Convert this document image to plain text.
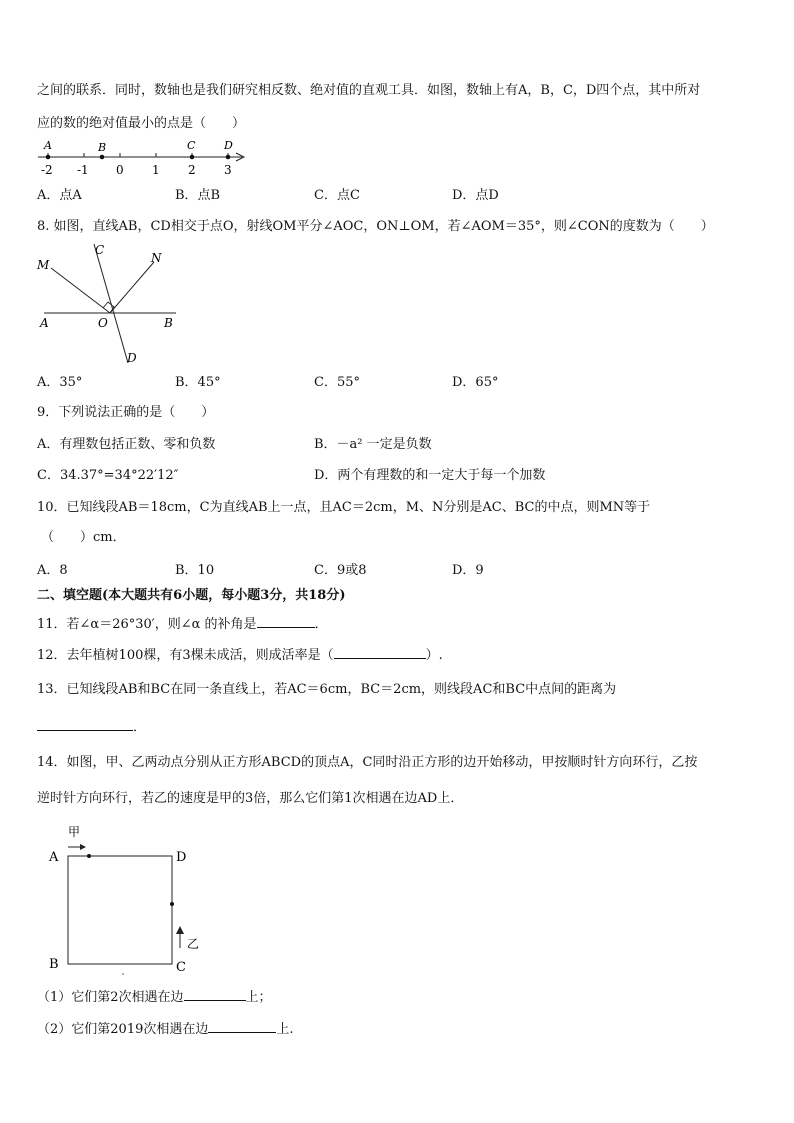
之间的联系．同时，数轴也是我们研究相反数、绝对值的直观工具．如图，数轴上有A，B，C，D四个点，其中所对
应的数的绝对值最小的点是（　　）
A	B	C	D
-2 -1 0 1 2 3
A．点A	B．点B	C．点C	D．点D
8. 如图，直线AB，CD相交于点O，射线OM平分∠AOC，ON⊥OM，若∠AOM＝35°，则∠CON的度数为（　　）
M
C
N
A	O	B
D
A．35°	B．45°	C．55°	D．65°
9．下列说法正确的是（　　）
A．有理数包括正数、零和负数	B．－a² 一定是负数
C．34.37°=34°22′12″	D．两个有理数的和一定大于每一个加数
10．已知线段AB＝18cm，C为直线AB上一点，且AC＝2cm，M、N分别是AC、BC的中点，则MN等于
（　　）cm．
A．8	B．10	C．9或8	D．9
二、填空题(本大题共有6小题，每小题3分，共18分)
11．若∠α＝26°30′，则∠α 的补角是	．
12．去年植树100棵，有3棵未成活，则成活率是（	）.
13．已知线段AB和BC在同一条直线上，若AC＝6cm，BC＝2cm，则线段AC和BC中点间的距离为
．
14．如图，甲、乙两动点分别从正方形ABCD的顶点A，C同时沿正方形的边开始移动，甲按顺时针方向环行，乙按
逆时针方向环行，若乙的速度是甲的3倍，那么它们第1次相遇在边AD上．
甲
乙
A	D
B	C
（1）它们第2次相遇在边	上；
（2）它们第2019次相遇在边	上.
